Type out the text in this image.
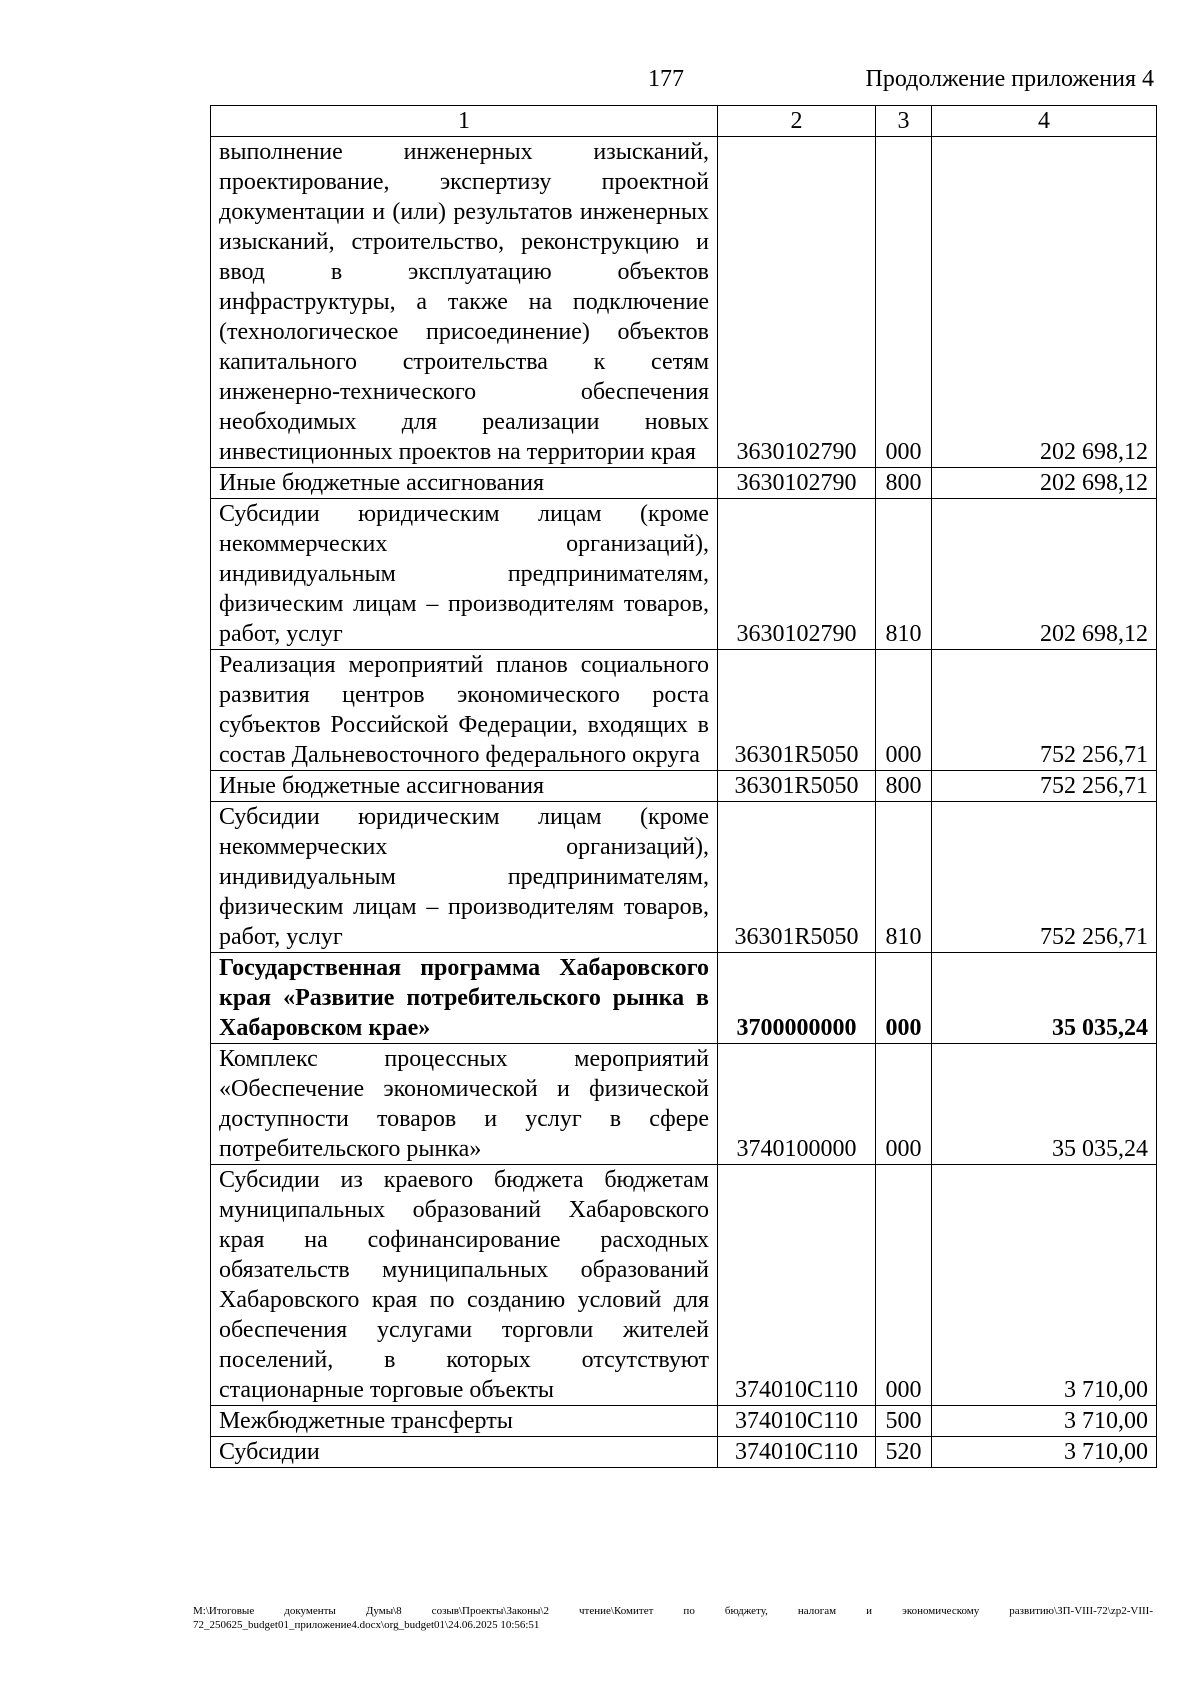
177	Продолжение приложения 4
1	2	3	4
выполнение инженерных изысканий, проектирование, экспертизу проектной документации и (или) результатов инженерных изысканий, строительство, реконструкцию и ввод в эксплуатацию объектов инфраструктуры, а также на подключение (технологическое присоединение) объектов капитального строительства к сетям инженерно-технического обеспечения необходимых для реализации новых инвестиционных проектов на территории края	3630102790	000	202 698,12
Иные бюджетные ассигнования	3630102790	800	202 698,12
Субсидии юридическим лицам (кроме некоммерческих организаций), индивидуальным предпринимателям, физическим лицам – производителям товаров, работ, услуг	3630102790	810	202 698,12
Реализация мероприятий планов социального развития центров экономического роста субъектов Российской Федерации, входящих в состав Дальневосточного федерального округа	36301R5050	000	752 256,71
Иные бюджетные ассигнования	36301R5050	800	752 256,71
Субсидии юридическим лицам (кроме некоммерческих организаций), индивидуальным предпринимателям, физическим лицам – производителям товаров, работ, услуг	36301R5050	810	752 256,71
Государственная программа Хабаровского края «Развитие потребительского рынка в Хабаровском крае»	3700000000	000	35 035,24
Комплекс процессных мероприятий «Обеспечение экономической и физической доступности товаров и услуг в сфере потребительского рынка»	3740100000	000	35 035,24
Субсидии из краевого бюджета бюджетам муниципальных образований Хабаровского края на софинансирование расходных обязательств муниципальных образований Хабаровского края по созданию условий для обеспечения услугами торговли жителей поселений, в которых отсутствуют стационарные торговые объекты	374010С110	000	3 710,00
Межбюджетные трансферты	374010С110	500	3 710,00
Субсидии	374010С110	520	3 710,00
M:\Итоговые документы Думы\8 созыв\Проекты\Законы\2 чтение\Комитет по бюджету, налогам и экономическому развитию\ЗП-VIII-72\zp2-VIII-72_250625_budget01_приложение4.docx\org_budget01\24.06.2025 10:56:51
